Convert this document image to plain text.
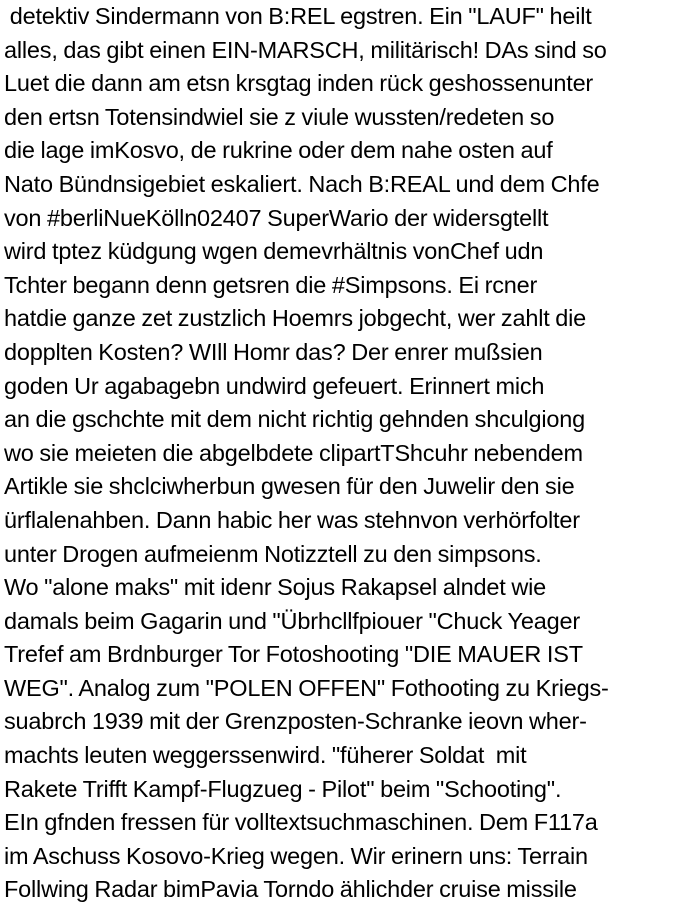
detektiv Sindermann von B:REL egstren. Ein "LAUF" heilt
alles, das gibt einen EIN-MARSCH, militärisch! DAs sind so
Luet die dann am etsn krsgtag inden rück geshossenunter
den ertsn Totensindwiel sie z viule wussten/redeten so
die lage imKosvo, de rukrine oder dem nahe osten auf
Nato Bündnsigebiet eskaliert. Nach B:REAL und dem Chfe
von #berliNueKölln02407 SuperWario der widersgtellt
wird tptez küdgung wgen demevrhältnis vonChef udn
Tchter begann denn getsren die #Simpsons. Ei rcner
hatdie ganze zet zustzlich Hoemrs jobgecht, wer zahlt die
dopplten Kosten? WIll Homr das? Der enrer mußsien
goden Ur agabagebn undwird gefeuert. Erinnert mich
an die gschchte mit dem nicht richtig gehnden shculgiong
wo sie meieten die abgelbdete clipartTShcuhr nebendem
Artikle sie shclciwherbun gwesen für den Juwelir den sie
ürflalenahben. Dann habic her was stehnvon verhörfolter
unter Drogen aufmeienm Notizztell zu den simpsons.
Wo "alone maks" mit idenr Sojus Rakapsel alndet wie
damals beim Gagarin und "Übrhcllfpiouer "Chuck Yeager
Trefef am Brdnburger Tor Fotoshooting "DIE MAUER IST
WEG". Analog zum "POLEN OFFEN" Fothooting zu Kriegs-
suabrch 1939 mit der Grenzposten-Schranke ieovn wher-
machts leuten weggerssenwird. "füherer Soldat  mit
Rakete Trifft Kampf-Flugzueg - Pilot" beim "Schooting".
EIn gfnden fressen für volltextsuchmaschinen. Dem F117a
im Aschuss Kosovo-Krieg wegen. Wir erinern uns: Terrain
Follwing Radar bimPavia Torndo ählichder cruise missile
